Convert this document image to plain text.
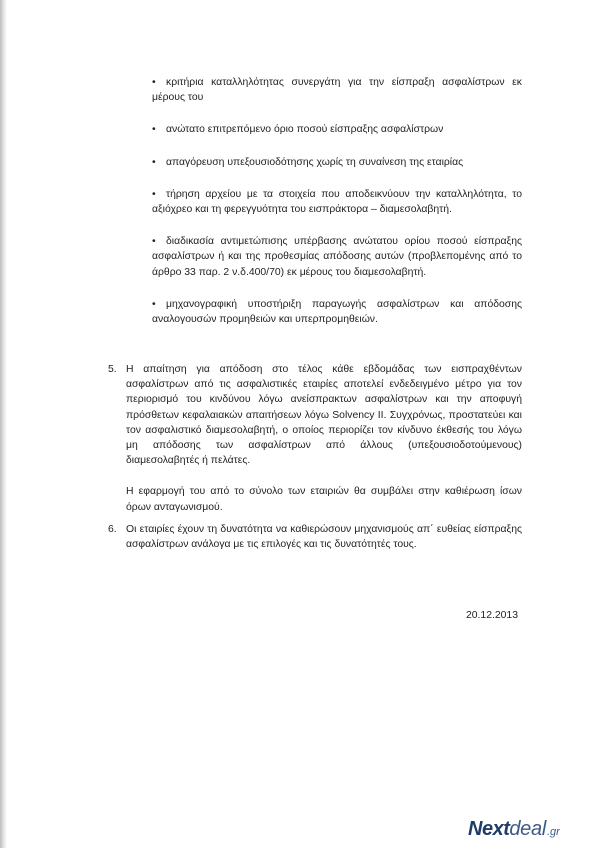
• κριτήρια καταλληλότητας συνεργάτη για την είσπραξη ασφαλίστρων εκ μέρους του
• ανώτατο επιτρεπόμενο όριο ποσού είσπραξης ασφαλίστρων
• απαγόρευση υπεξουσιοδότησης χωρίς τη συναίνεση της εταιρίας
• τήρηση αρχείου με τα στοιχεία που αποδεικνύουν την καταλληλότητα, το αξιόχρεο και τη φερεγγυότητα του εισπράκτορα – διαμεσολαβητή.
• διαδικασία αντιμετώπισης υπέρβασης ανώτατου ορίου ποσού είσπραξης ασφαλίστρων ή και της προθεσμίας απόδοσης αυτών (προβλεπομένης από το άρθρο 33 παρ. 2 ν.δ.400/70) εκ μέρους του διαμεσολαβητή.
• μηχανογραφική υποστήριξη παραγωγής ασφαλίστρων και απόδοσης αναλογουσών προμηθειών και υπερπρομηθειών.
5. Η απαίτηση για απόδοση στο τέλος κάθε εβδομάδας των εισπραχθέντων ασφαλίστρων από τις ασφαλιστικές εταιρίες αποτελεί ενδεδειγμένο μέτρο για τον περιορισμό του κινδύνου λόγω ανείσπρακτων ασφαλίστρων και την αποφυγή πρόσθετων κεφαλαιακών απαιτήσεων λόγω Solvency II. Συγχρόνως, προστατεύει και τον ασφαλιστικό διαμεσολαβητή, ο οποίος περιορίζει τον κίνδυνο έκθεσής του λόγω μη απόδοσης των ασφαλίστρων από άλλους (υπεξουσιοδοτούμενους) διαμεσολαβητές ή πελάτες.

Η εφαρμογή του από το σύνολο των εταιριών θα συμβάλει στην καθιέρωση ίσων όρων ανταγωνισμού.

6. Οι εταιρίες έχουν τη δυνατότητα να καθιερώσουν μηχανισμούς απ΄ ευθείας είσπραξης ασφαλίστρων ανάλογα με τις επιλογές και τις δυνατότητές τους.

20.12.2013
Next deal .gr
